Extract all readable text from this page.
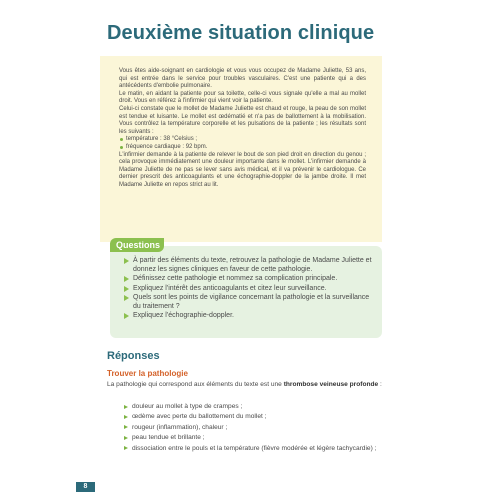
Deuxième situation clinique

Vous êtes aide-soignant en cardiologie et vous vous occupez de Madame Juliette, 53 ans, qui est entrée dans le service pour troubles vasculaires. C'est une patiente qui a des antécédents d'embolie pulmonaire.

Le matin, en aidant la patiente pour sa toilette, celle-ci vous signale qu'elle a mal au mollet droit. Vous en référez à l'infirmier qui vient voir la patiente.

Celui-ci constate que le mollet de Madame Juliette est chaud et rouge, la peau de son mollet est tendue et luisante. Le mollet est œdématié et n'a pas de ballottement à la mobilisation. Vous contrôlez la température corporelle et les pulsations de la patiente ; les résultats sont les suivants :

température : 38 °Celsius ;
fréquence cardiaque : 92 bpm.

L'infirmier demande à la patiente de relever le bout de son pied droit en direction du genou ; cela provoque immédiatement une douleur importante dans le mollet. L'infirmier demande à Madame Juliette de ne pas se lever sans avis médical, et il va prévenir le cardiologue. Ce dernier prescrit des anticoagulants et une échographie-doppler de la jambe droite. Il met Madame Juliette en repos strict au lit.

Questions
À partir des éléments du texte, retrouvez la pathologie de Madame Juliette et donnez les signes cliniques en faveur de cette pathologie.
Définissez cette pathologie et nommez sa complication principale.
Expliquez l'intérêt des anticoagulants et citez leur surveillance.
Quels sont les points de vigilance concernant la pathologie et la surveillance du traitement ?
Expliquez l'échographie-doppler.
Réponses
Trouver la pathologie

La pathologie qui correspond aux éléments du texte est une thrombose veineuse profonde :

douleur au mollet à type de crampes ;
œdème avec perte du ballottement du mollet ;
rougeur (inflammation), chaleur ;
peau tendue et brillante ;
dissociation entre le pouls et la température (fièvre modérée et légère tachycardie) ;
8
